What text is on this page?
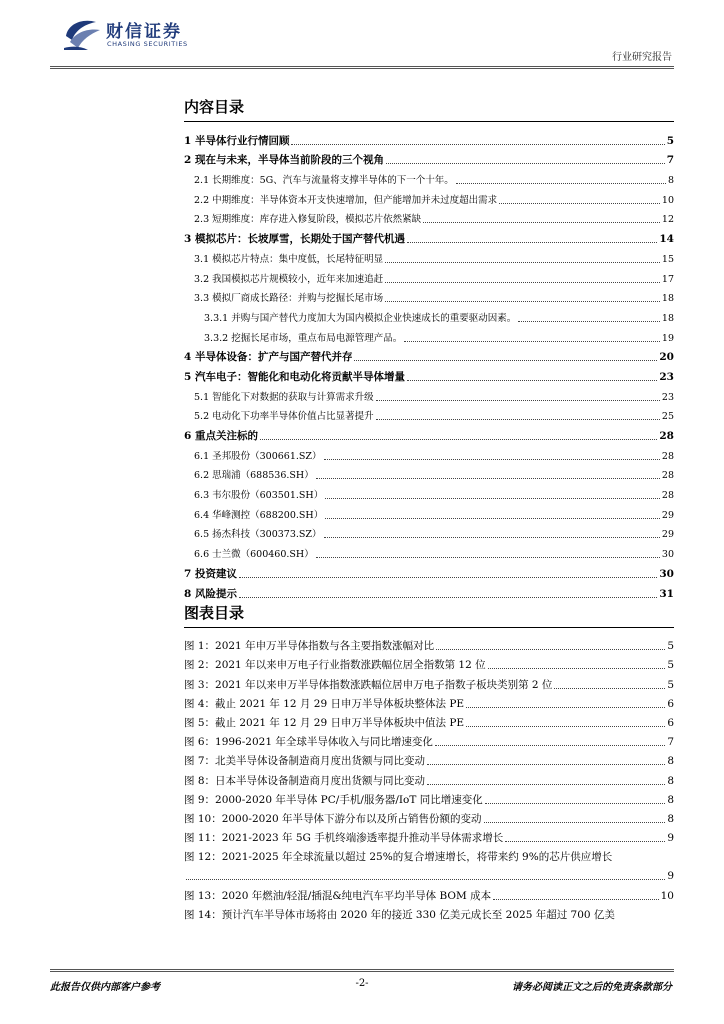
财信证券
CHASING SECURITIES
行业研究报告
内容目录
1 半导体行业行情回顾	5
2 现在与未来，半导体当前阶段的三个视角	7
2.1 长期维度：5G、汽车与流量将支撑半导体的下一个十年。	8
2.2 中期维度：半导体资本开支快速增加，但产能增加并未过度超出需求	10
2.3 短期维度：库存进入修复阶段，模拟芯片依然紧缺	12
3 模拟芯片：长坡厚雪，长期处于国产替代机遇	14
3.1 模拟芯片特点：集中度低，长尾特征明显	15
3.2 我国模拟芯片规模较小，近年来加速追赶	17
3.3 模拟厂商成长路径：并购与挖掘长尾市场	18
3.3.1 并购与国产替代力度加大为国内模拟企业快速成长的重要驱动因素。	18
3.3.2 挖掘长尾市场，重点布局电源管理产品。	19
4 半导体设备：扩产与国产替代并存	20
5 汽车电子：智能化和电动化将贡献半导体增量	23
5.1 智能化下对数据的获取与计算需求升级	23
5.2 电动化下功率半导体价值占比显著提升	25
6 重点关注标的	28
6.1 圣邦股份（300661.SZ）	28
6.2 思瑞浦（688536.SH）	28
6.3 韦尔股份（603501.SH）	28
6.4 华峰测控（688200.SH）	29
6.5 扬杰科技（300373.SZ）	29
6.6 士兰微（600460.SH）	30
7 投资建议	30
8 风险提示	31
图表目录
图 1：2021 年申万半导体指数与各主要指数涨幅对比	5
图 2：2021 年以来申万电子行业指数涨跌幅位居全指数第 12 位	5
图 3：2021 年以来申万半导体指数涨跌幅位居申万电子指数子板块类别第 2 位	5
图 4：截止 2021 年 12 月 29 日申万半导体板块整体法 PE	6
图 5：截止 2021 年 12 月 29 日申万半导体板块中值法 PE	6
图 6：1996-2021 年全球半导体收入与同比增速变化	7
图 7：北美半导体设备制造商月度出货额与同比变动	8
图 8：日本半导体设备制造商月度出货额与同比变动	8
图 9：2000-2020 年半导体 PC/手机/服务器/IoT 同比增速变化	8
图 10：2000-2020 年半导体下游分布以及所占销售份额的变动	8
图 11：2021-2023 年 5G 手机终端渗透率提升推动半导体需求增长	9
图 12：2021-2025 年全球流量以超过 25%的复合增速增长，将带来约 9%的芯片供应增长
9
图 13：2020 年燃油/轻混/插混&纯电汽车平均半导体 BOM 成本	10
图 14：预计汽车半导体市场将由 2020 年的接近 330 亿美元成长至 2025 年超过 700 亿美
此报告仅供内部客户参考	-2-	请务必阅读正文之后的免责条款部分
